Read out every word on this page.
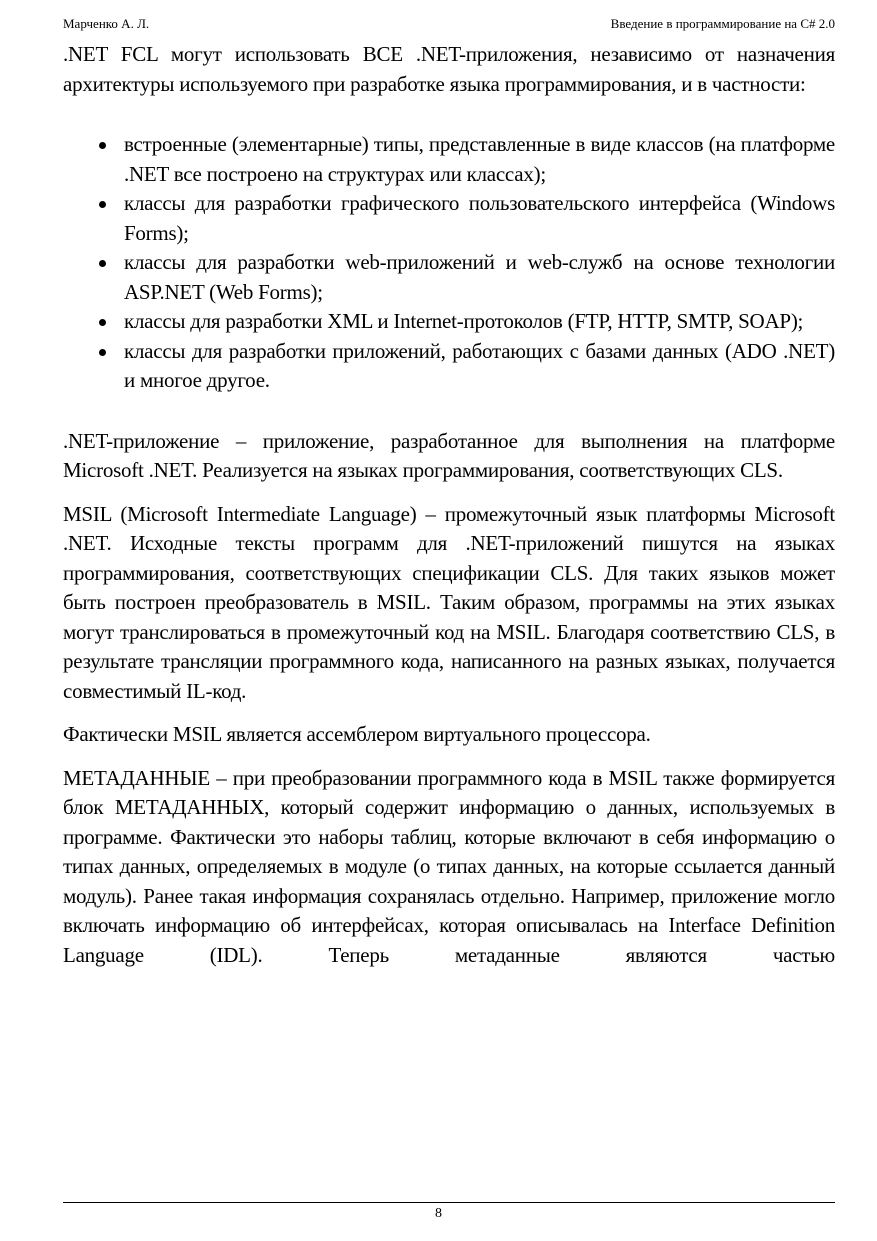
Марченко А. Л.	Введение в программирование на C# 2.0

.NET FCL могут использовать ВСЕ .NET-приложения, независимо от назначения архитектуры используемого при разработке языка программирования, и в частности:

встроенные (элементарные) типы, представленные в виде классов (на платформе .NET все построено на структурах или классах);
классы для разработки графического пользовательского интерфейса (Windows Forms);
классы для разработки web-приложений и web-служб на основе технологии ASP.NET (Web Forms);
классы для разработки XML и Internet-протоколов (FTP, HTTP, SMTP, SOAP);
классы для разработки приложений, работающих с базами данных (ADO .NET) и многое другое.

.NET-приложение – приложение, разработанное для выполнения на платформе Microsoft .NET. Реализуется на языках программирования, соответствующих CLS.

MSIL (Microsoft Intermediate Language) – промежуточный язык платформы Microsoft .NET. Исходные тексты программ для .NET-приложений пишутся на языках программирования, соответствующих спецификации CLS. Для таких языков может быть построен преобразователь в MSIL. Таким образом, программы на этих языках могут транслироваться в промежуточный код на MSIL. Благодаря соответствию CLS, в результате трансляции программного кода, написанного на разных языках, получается совместимый IL-код.

Фактически MSIL является ассемблером виртуального процессора.

МЕТАДАННЫЕ – при преобразовании программного кода в MSIL также формируется блок МЕТАДАННЫХ, который содержит информацию о данных, используемых в программе. Фактически это наборы таблиц, которые включают в себя информацию о типах данных, определяемых в модуле (о типах данных, на которые ссылается данный модуль). Ранее такая информация сохранялась отдельно. Например, приложение могло включать информацию об интерфейсах, которая описывалась на Interface Definition Language (IDL). Теперь метаданные являются частью

8
